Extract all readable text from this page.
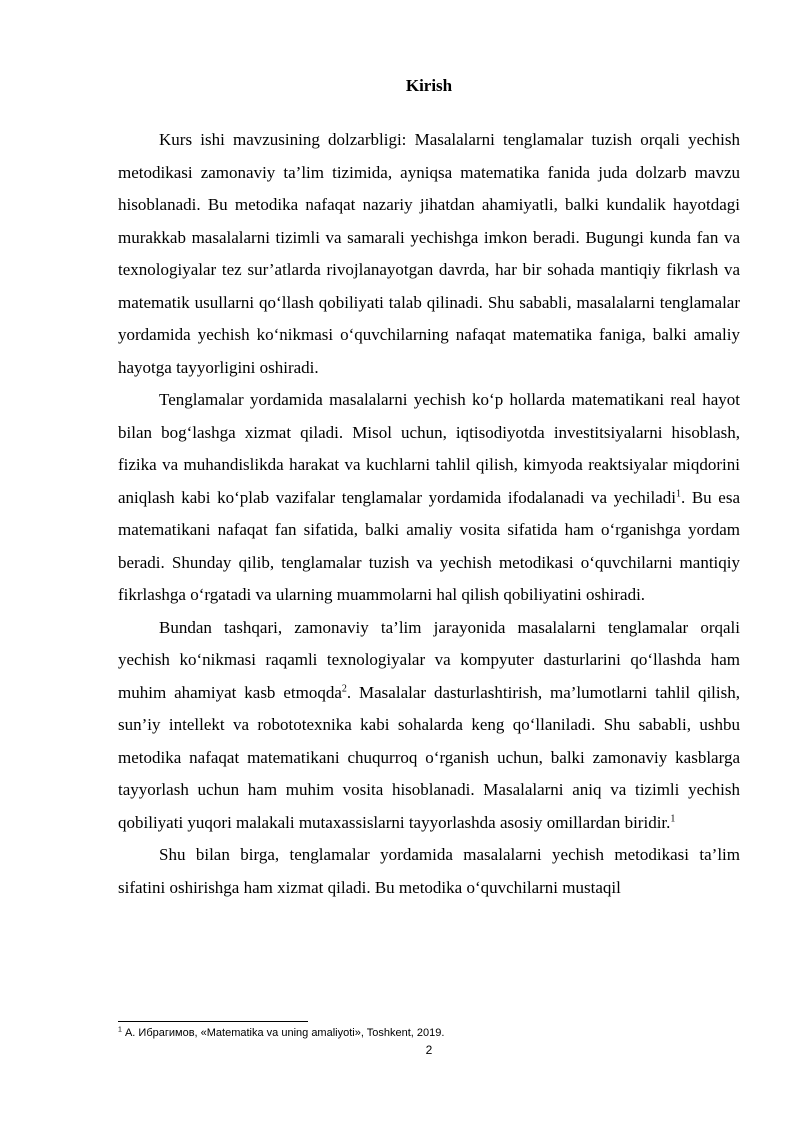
Kirish

Kurs ishi mavzusining dolzarbligi: Masalalarni tenglamalar tuzish orqali yechish metodikasi zamonaviy ta’lim tizimida, ayniqsa matematika fanida juda dolzarb mavzu hisoblanadi. Bu metodika nafaqat nazariy jihatdan ahamiyatli, balki kundalik hayotdagi murakkab masalalarni tizimli va samarali yechishga imkon beradi. Bugungi kunda fan va texnologiyalar tez sur’atlarda rivojlanayotgan davrda, har bir sohada mantiqiy fikrlash va matematik usullarni qo‘llash qobiliyati talab qilinadi. Shu sababli, masalalarni tenglamalar yordamida yechish ko‘nikmasi o‘quvchilarning nafaqat matematika faniga, balki amaliy hayotga tayyorligini oshiradi.

Tenglamalar yordamida masalalarni yechish ko‘p hollarda matematikani real hayot bilan bog‘lashga xizmat qiladi. Misol uchun, iqtisodiyotda investitsiyalarni hisoblash, fizika va muhandislikda harakat va kuchlarni tahlil qilish, kimyoda reaktsiyalar miqdorini aniqlash kabi ko‘plab vazifalar tenglamalar yordamida ifodalanadi va yechiladi$^1$. Bu esa matematikani nafaqat fan sifatida, balki amaliy vosita sifatida ham o‘rganishga yordam beradi. Shunday qilib, tenglamalar tuzish va yechish metodikasi o‘quvchilarni mantiqiy fikrlashga o‘rgatadi va ularning muammolarni hal qilish qobiliyatini oshiradi.

Bundan tashqari, zamonaviy ta’lim jarayonida masalalarni tenglamalar orqali yechish ko‘nikmasi raqamli texnologiyalar va kompyuter dasturlarini qo‘llashda ham muhim ahamiyat kasb etmoqda$^2$. Masalalar dasturlashtirish, ma’lumotlarni tahlil qilish, sun’iy intellekt va robototexnika kabi sohalarda keng qo‘llaniladi. Shu sababli, ushbu metodika nafaqat matematikani chuqurroq o‘rganish uchun, balki zamonaviy kasblarga tayyorlash uchun ham muhim vosita hisoblanadi. Masalalarni aniq va tizimli yechish qobiliyati yuqori malakali mutaxassislarni tayyorlashda asosiy omillardan biridir.$^1$

Shu bilan birga, tenglamalar yordamida masalalarni yechish metodikasi ta’lim sifatini oshirishga ham xizmat qiladi. Bu metodika o‘quvchilarni mustaqil

$^1$ А. Ибрагимов, «Matematika va uning amaliyoti», Toshkent, 2019.
2
